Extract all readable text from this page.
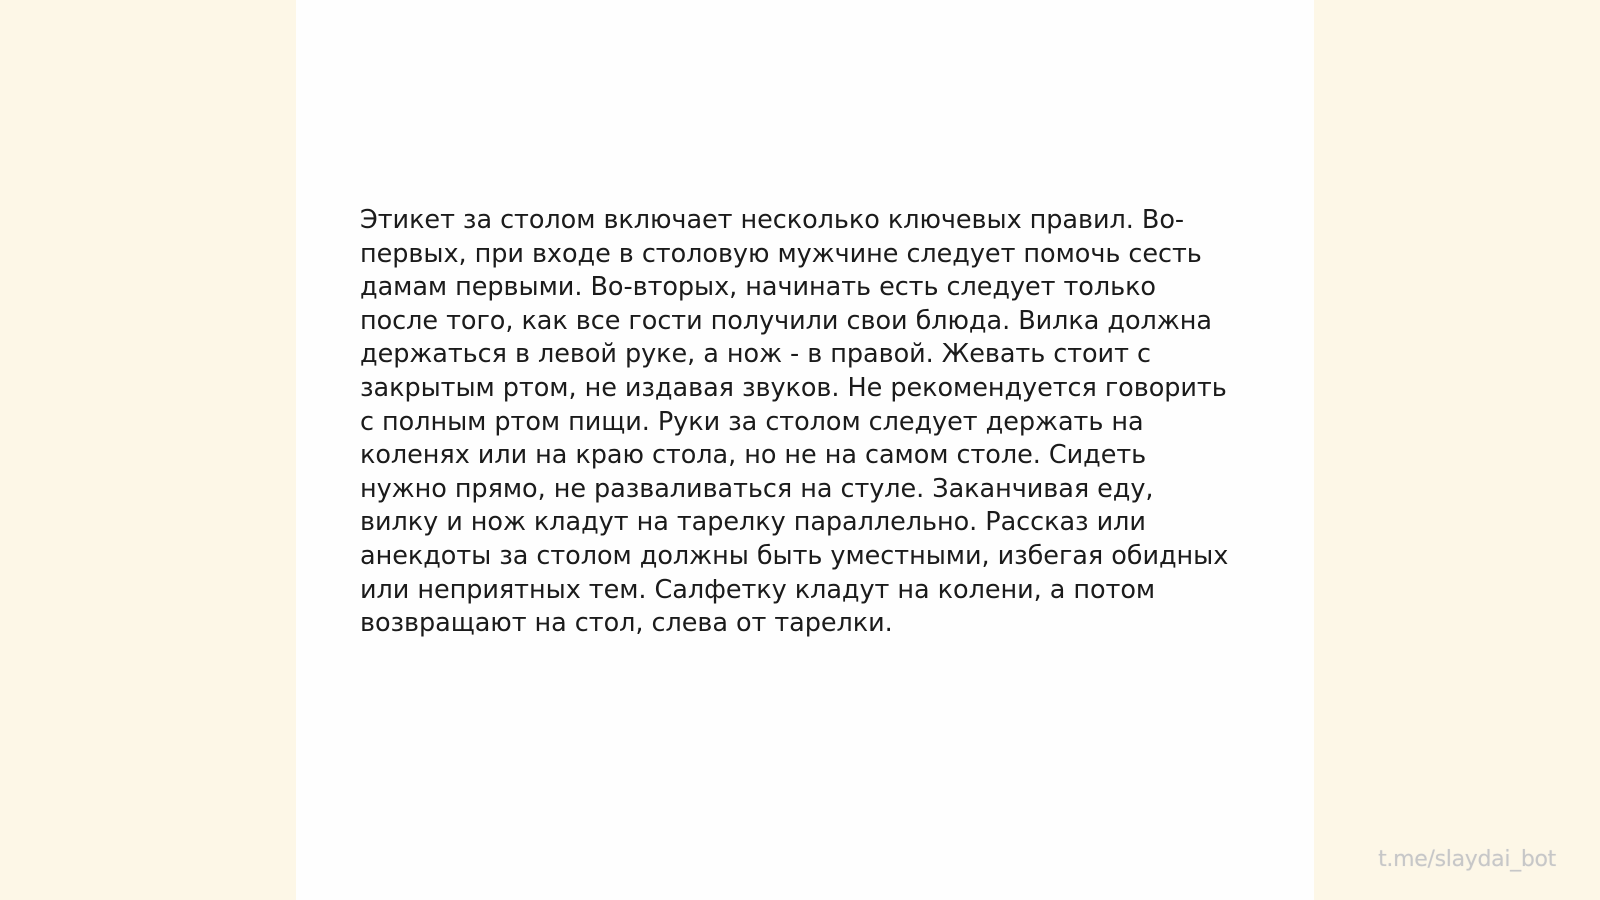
Этикет за столом включает несколько ключевых правил. Во-
первых, при входе в столовую мужчине следует помочь сесть
дамам первыми. Во-вторых, начинать есть следует только
после того, как все гости получили свои блюда. Вилка должна
держаться в левой руке, а нож - в правой. Жевать стоит с
закрытым ртом, не издавая звуков. Не рекомендуется говорить
с полным ртом пищи. Руки за столом следует держать на
коленях или на краю стола, но не на самом столе. Сидеть
нужно прямо, не разваливаться на стуле. Заканчивая еду,
вилку и нож кладут на тарелку параллельно. Рассказ или
анекдоты за столом должны быть уместными, избегая обидных
или неприятных тем. Салфетку кладут на колени, а потом
возвращают на стол, слева от тарелки.

t.me/slaydai_bot
